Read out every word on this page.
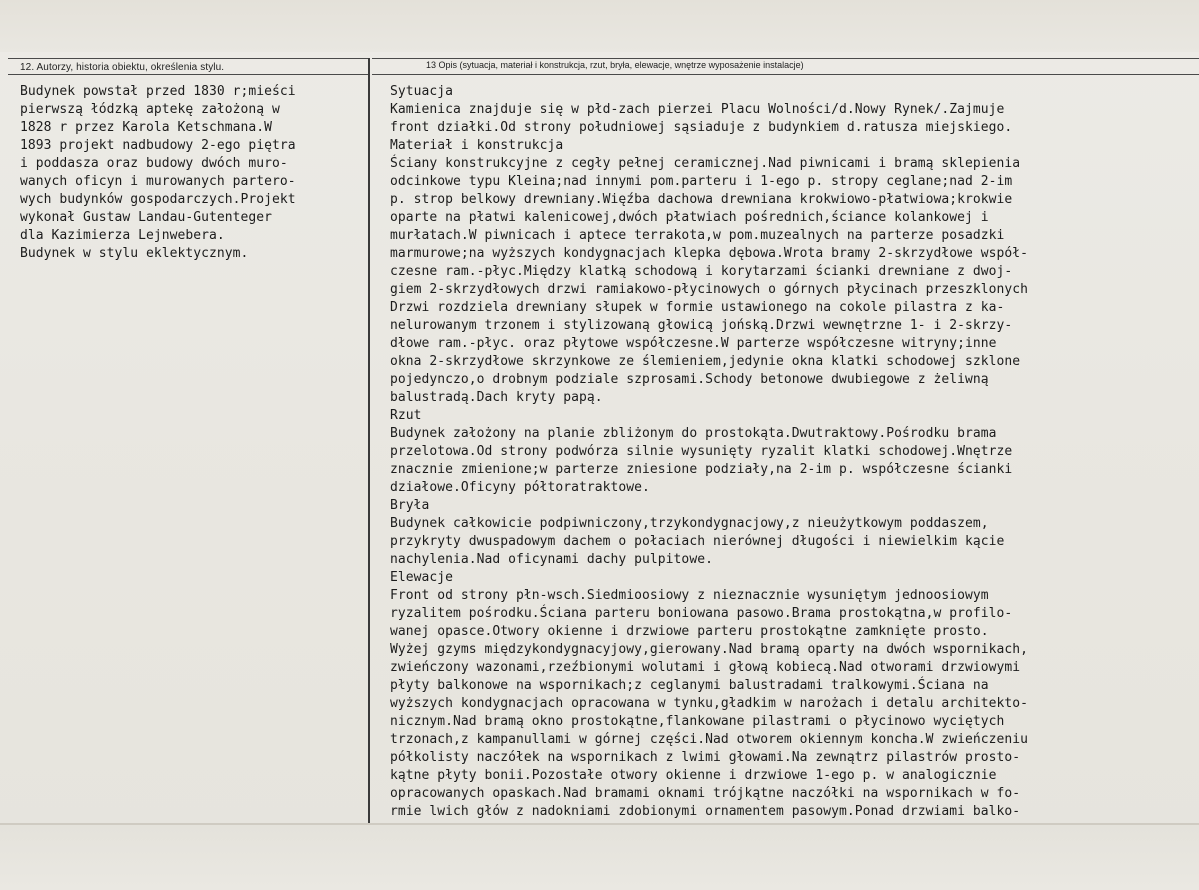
12. Autorzy, historia obiektu, określenia stylu.	13 Opis (sytuacja, materiał i konstrukcja, rzut, bryła, elewacje, wnętrze wyposażenie instalacje)
Budynek powstał przed 1830 r;mieści
pierwszą łódzką aptekę założoną w
1828 r przez Karola Ketschmana.W
1893 projekt nadbudowy 2-ego piętra
i poddasza oraz budowy dwóch muro-
wanych oficyn i murowanych partero-
wych budynków gospodarczych.Projekt
wykonał Gustaw Landau-Gutenteger
dla Kazimierza Lejnwebera.
Budynek w stylu eklektycznym.
Sytuacja
Kamienica znajduje się w płd-zach pierzei Placu Wolności/d.Nowy Rynek/.Zajmuje
front działki.Od strony południowej sąsiaduje z budynkiem d.ratusza miejskiego.
Materiał i konstrukcja
Ściany konstrukcyjne z cegły pełnej ceramicznej.Nad piwnicami i bramą sklepienia
odcinkowe typu Kleina;nad innymi pom.parteru i 1-ego p. stropy ceglane;nad 2-im
p. strop belkowy drewniany.Więźba dachowa drewniana krokwiowo-płatwiowa;krokwie
oparte na płatwi kalenicowej,dwóch płatwiach pośrednich,ściance kolankowej i
murłatach.W piwnicach i aptece terrakota,w pom.muzealnych na parterze posadzki
marmurowe;na wyższych kondygnacjach klepka dębowa.Wrota bramy 2-skrzydłowe współ-
czesne ram.-płyc.Między klatką schodową i korytarzami ścianki drewniane z dwoj-
giem 2-skrzydłowych drzwi ramiakowo-płycinowych o górnych płycinach przeszklonych
Drzwi rozdziela drewniany słupek w formie ustawionego na cokole pilastra z ka-
nelurowanym trzonem i stylizowaną głowicą jońską.Drzwi wewnętrzne 1- i 2-skrzy-
dłowe ram.-płyc. oraz płytowe współczesne.W parterze współczesne witryny;inne
okna 2-skrzydłowe skrzynkowe ze ślemieniem,jedynie okna klatki schodowej szklone
pojedynczo,o drobnym podziale szprosami.Schody betonowe dwubiegowe z żeliwną
balustradą.Dach kryty papą.
Rzut
Budynek założony na planie zbliżonym do prostokąta.Dwutraktowy.Pośrodku brama
przelotowa.Od strony podwórza silnie wysunięty ryzalit klatki schodowej.Wnętrze
znacznie zmienione;w parterze zniesione podziały,na 2-im p. współczesne ścianki
działowe.Oficyny półtoratraktowe.
Bryła
Budynek całkowicie podpiwniczony,trzykondygnacjowy,z nieużytkowym poddaszem,
przykryty dwuspadowym dachem o połaciach nierównej długości i niewielkim kącie
nachylenia.Nad oficynami dachy pulpitowe.
Elewacje
Front od strony płn-wsch.Siedmioosiowy z nieznacznie wysuniętym jednoosiowym
ryzalitem pośrodku.Ściana parteru boniowana pasowo.Brama prostokątna,w profilo-
wanej opasce.Otwory okienne i drzwiowe parteru prostokątne zamknięte prosto.
Wyżej gzyms międzykondygnacyjowy,gierowany.Nad bramą oparty na dwóch wspornikach,
zwieńczony wazonami,rzeźbionymi wolutami i głową kobiecą.Nad otworami drzwiowymi
płyty balkonowe na wspornikach;z ceglanymi balustradami tralkowymi.Ściana na
wyższych kondygnacjach opracowana w tynku,gładkim w narożach i detalu architekto-
nicznym.Nad bramą okno prostokątne,flankowane pilastrami o płycinowo wyciętych
trzonach,z kampanullami w górnej części.Nad otworem okiennym koncha.W zwieńczeniu
półkolisty naczółek na wspornikach z lwimi głowami.Na zewnątrz pilastrów prosto-
kątne płyty bonii.Pozostałe otwory okienne i drzwiowe 1-ego p. w analogicznie
opracowanych opaskach.Nad bramami oknami trójkątne naczółki na wspornikach w fo-
rmie lwich głów z nadokniami zdobionymi ornamentem pasowym.Ponad drzwiami balko-
